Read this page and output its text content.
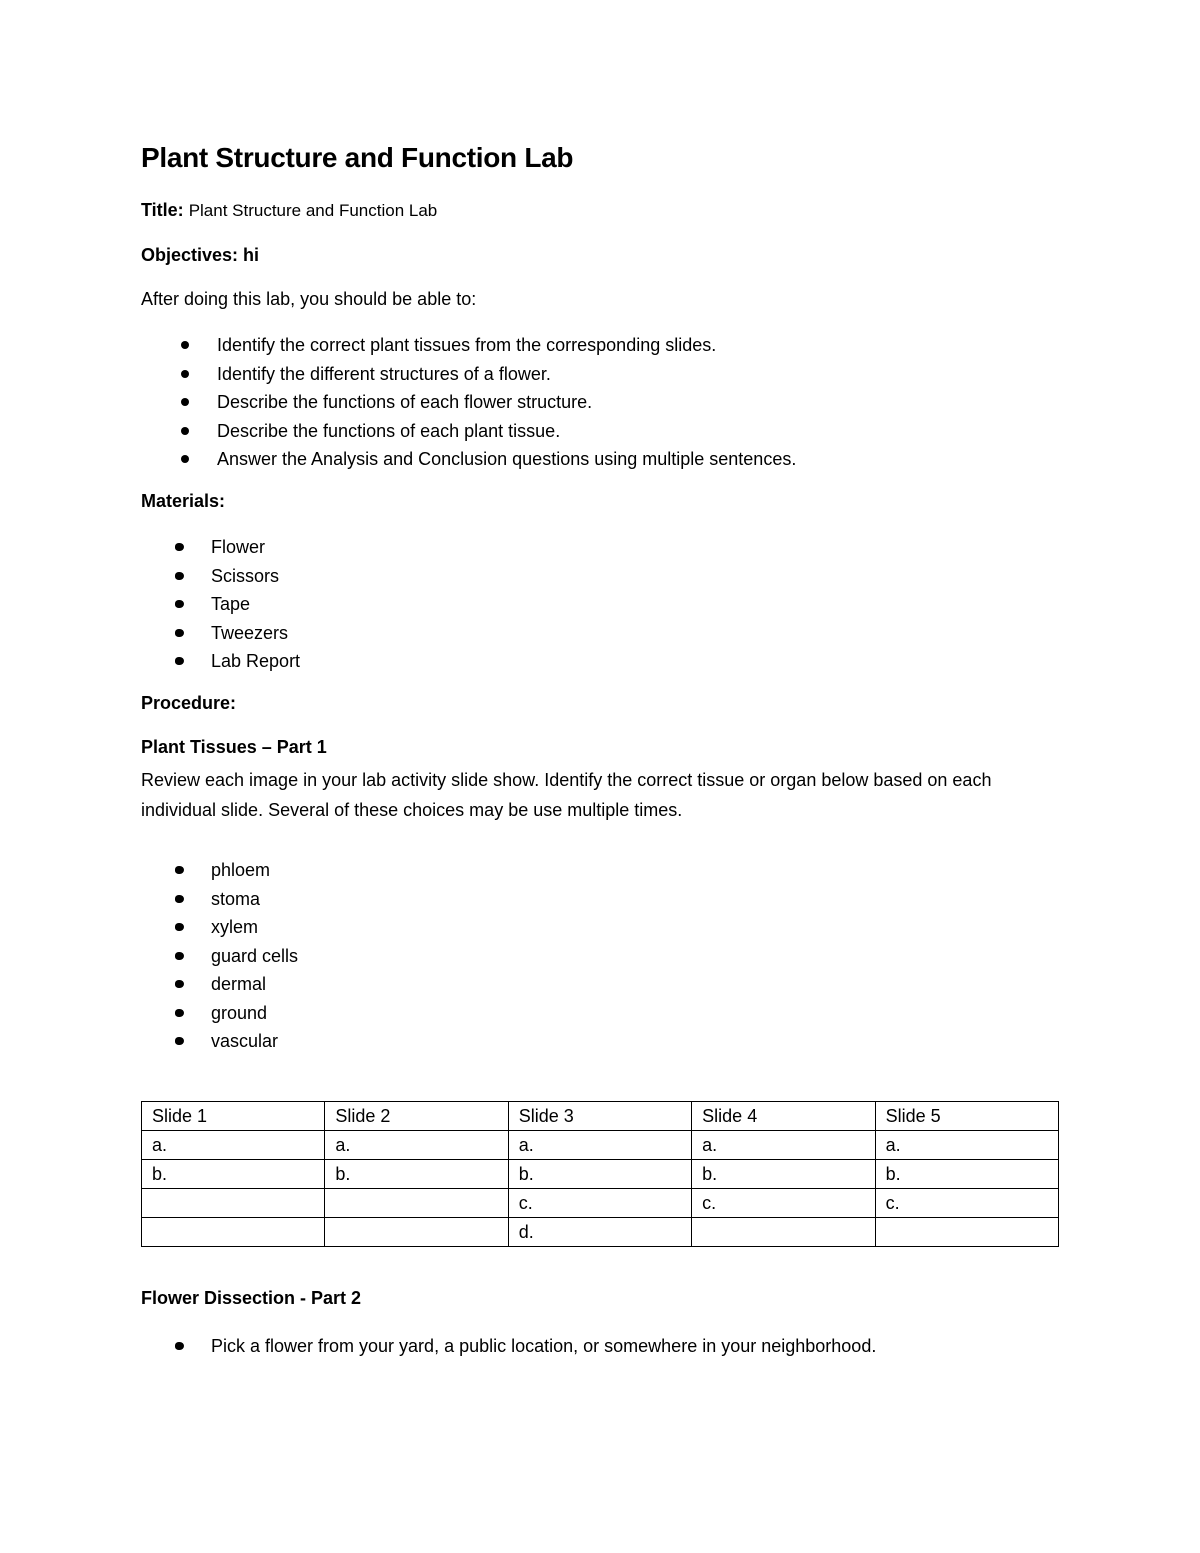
Plant Structure and Function Lab
Title: Plant Structure and Function Lab
Objectives: hi
After doing this lab, you should be able to:
Identify the correct plant tissues from the corresponding slides.
Identify the different structures of a flower.
Describe the functions of each flower structure.
Describe the functions of each plant tissue.
Answer the Analysis and Conclusion questions using multiple sentences.
Materials:
Flower
Scissors
Tape
Tweezers
Lab Report
Procedure:
Plant Tissues – Part 1
Review each image in your lab activity slide show. Identify the correct tissue or organ below based on each individual slide. Several of these choices may be use multiple times.
phloem
stoma
xylem
guard cells
dermal
ground
vascular
Slide 1	Slide 2	Slide 3	Slide 4	Slide 5
a.	a.	a.	a.	a.
b.	b.	b.	b.	b.
		c.	c.	c.
		d.		
Flower Dissection - Part 2
Pick a flower from your yard, a public location, or somewhere in your neighborhood.
